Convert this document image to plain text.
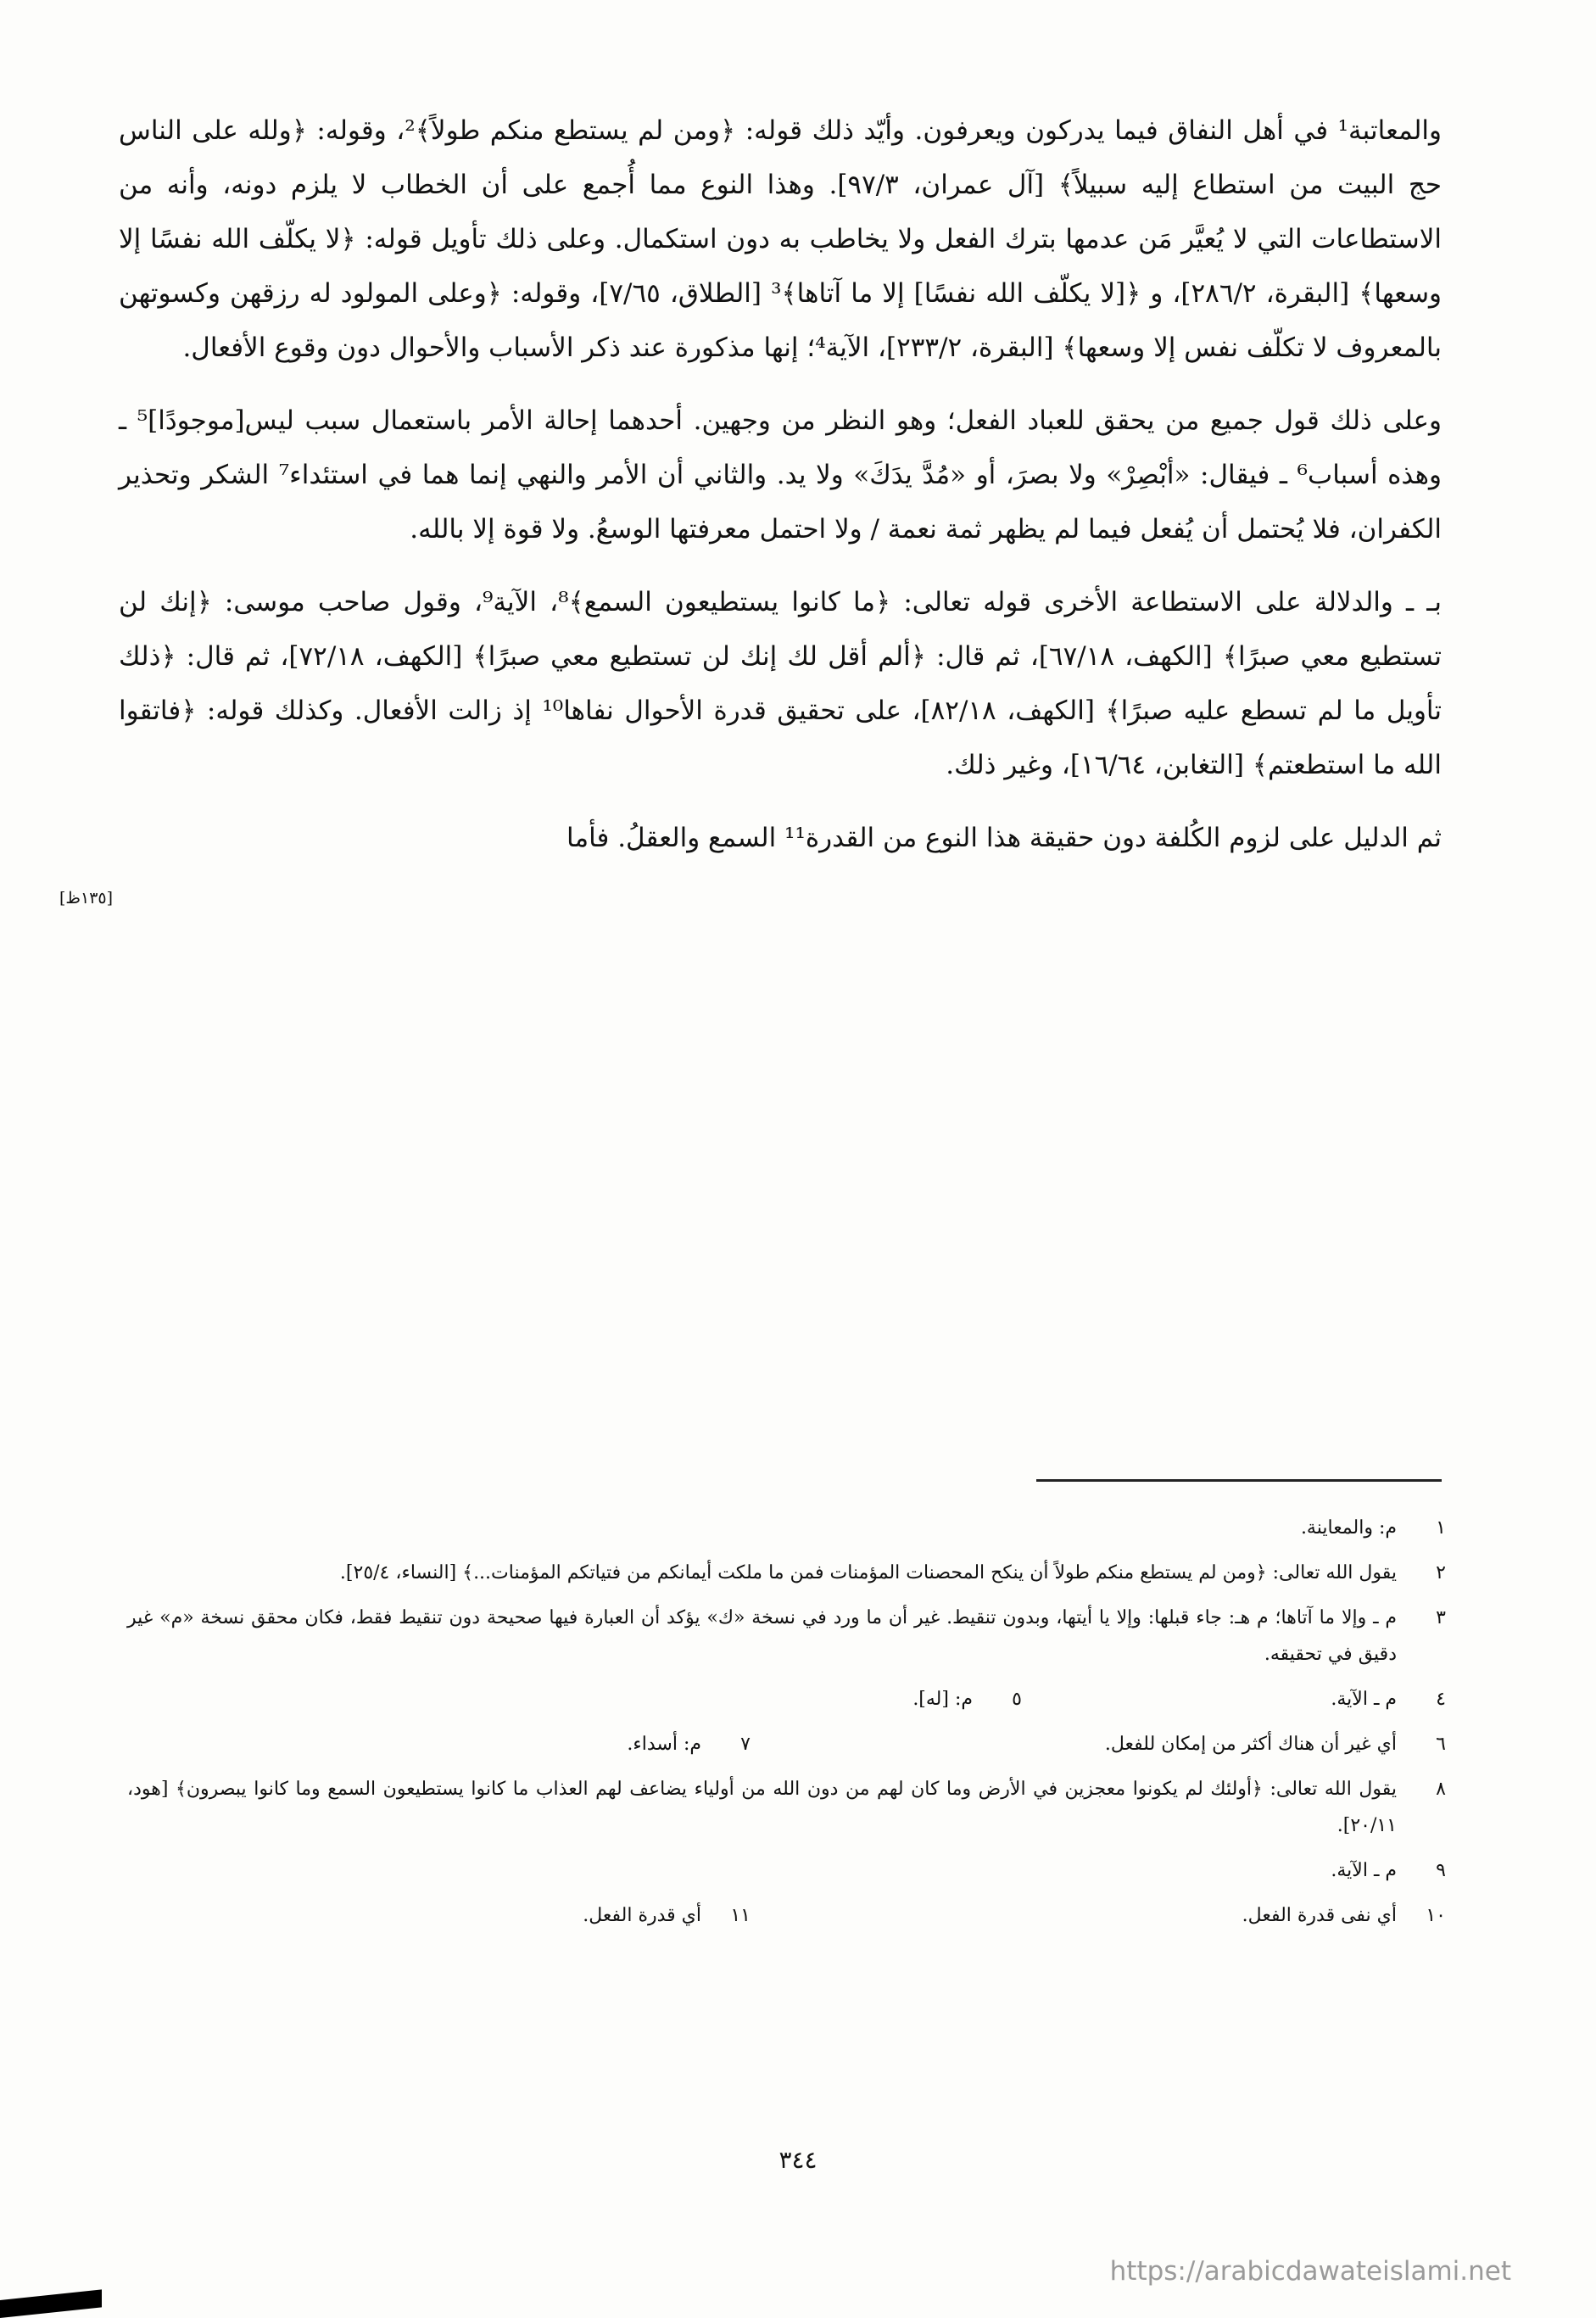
والمعاتبة¹ في أهل النفاق فيما يدركون ويعرفون. وأيّد ذلك قوله: ﴿ومن لم يستطع منكم طولاً﴾²، وقوله: ﴿ولله على الناس حج البيت من استطاع إليه سبيلاً﴾ [آل عمران، ٩٧/٣]. وهذا النوع مما أُجمع على أن الخطاب لا يلزم دونه، وأنه من الاستطاعات التي لا يُعيَّر مَن عدمها بترك الفعل ولا يخاطب به دون استكمال. وعلى ذلك تأويل قوله: ﴿لا يكلّف الله نفسًا إلا وسعها﴾ [البقرة، ٢٨٦/٢]، و ﴿[لا يكلّف الله نفسًا] إلا ما آتاها﴾³ [الطلاق، ٧/٦٥]، وقوله: ﴿وعلى المولود له رزقهن وكسوتهن بالمعروف لا تكلّف نفس إلا وسعها﴾ [البقرة، ٢٣٣/٢]، الآية⁴؛ إنها مذكورة عند ذكر الأسباب والأحوال دون وقوع الأفعال.

وعلى ذلك قول جميع من يحقق للعباد الفعل؛ وهو النظر من وجهين. أحدهما إحالة الأمر باستعمال سبب ليس[موجودًا]⁵ ـ وهذه أسباب⁶ ـ فيقال: «أبْصِرْ» ولا بصرَ، أو «مُدَّ يدَكَ» ولا يد. والثاني أن الأمر والنهي إنما هما في استئداء⁷ الشكر وتحذير الكفران، فلا يُحتمل أن يُفعل فيما لم يظهر ثمة نعمة / ولا احتمل معرفتها الوسعُ. ولا قوة إلا بالله.

بـ ـ والدلالة على الاستطاعة الأخرى قوله تعالى: ﴿ما كانوا يستطيعون السمع﴾⁸، الآية⁹، وقول صاحب موسى: ﴿إنك لن تستطيع معي صبرًا﴾ [الكهف، ٦٧/١٨]، ثم قال: ﴿ألم أقل لك إنك لن تستطيع معي صبرًا﴾ [الكهف، ٧٢/١٨]، ثم قال: ﴿ذلك تأويل ما لم تسطع عليه صبرًا﴾ [الكهف، ٨٢/١٨]، على تحقيق قدرة الأحوال نفاها¹⁰ إذ زالت الأفعال. وكذلك قوله: ﴿فاتقوا الله ما استطعتم﴾ [التغابن، ١٦/٦٤]، وغير ذلك.

ثم الدليل على لزوم الكُلفة دون حقيقة هذا النوع من القدرة¹¹ السمع والعقلُ. فأما

[١٣٥ظ]
١
م: والمعاينة.
٢
يقول الله تعالى: ﴿ومن لم يستطع منكم طولاً أن ينكح المحصنات المؤمنات فمن ما ملكت أيمانكم من فتياتكم المؤمنات...﴾ [النساء، ٢٥/٤].
٣
م ـ وإلا ما آتاها؛ م هـ: جاء قبلها: وإلا يا أيتها، وبدون تنقيط. غير أن ما ورد في نسخة «ك» يؤكد أن العبارة فيها صحيحة دون تنقيط فقط، فكان محقق نسخة «م» غير دقيق في تحقيقه.
٤
م ـ الآية.
٥
م: [له].
٦
أي غير أن هناك أكثر من إمكان للفعل.
٧
م: أسداء.
٨
يقول الله تعالى: ﴿أولئك لم يكونوا معجزين في الأرض وما كان لهم من دون الله من أولياء يضاعف لهم العذاب ما كانوا يستطيعون السمع وما كانوا يبصرون﴾ [هود، ٢٠/١١].
٩
م ـ الآية.
١٠
أي نفى قدرة الفعل.
١١
أي قدرة الفعل.
٣٤٤
https://arabicdawateislami.net
